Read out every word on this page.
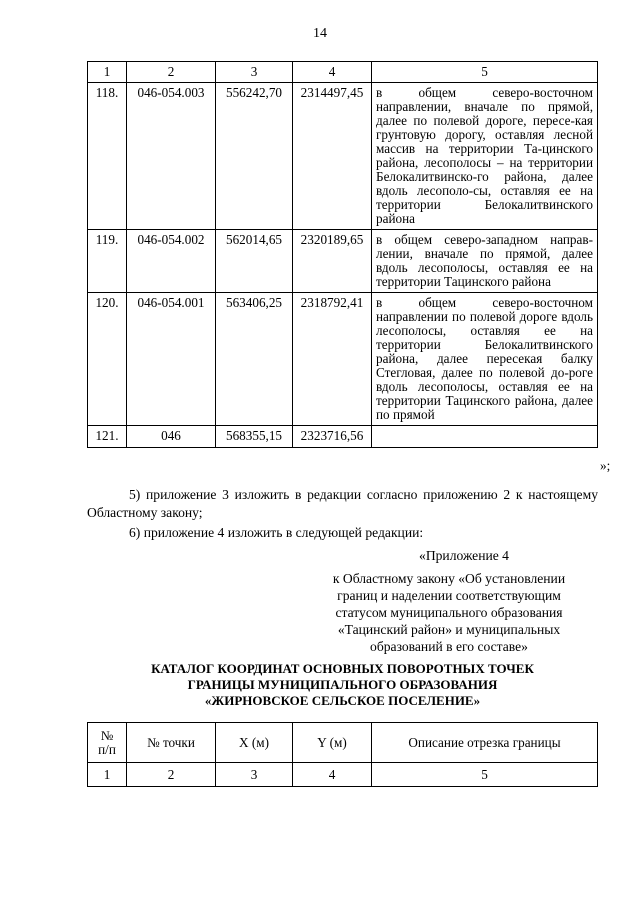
14
1	2	3	4	5
118.	046-054.003	556242,70	2314497,45	в общем северо-восточном направлении, вначале по прямой, далее по полевой дороге, пересе-кая грунтовую дорогу, оставляя лесной массив на территории Та-цинского района, лесополосы – на территории Белокалитвинско-го района, далее вдоль лесополо-сы, оставляя ее на территории Белокалитвинского района
119.	046-054.002	562014,65	2320189,65	в общем северо-западном направ-лении, вначале по прямой, далее вдоль лесополосы, оставляя ее на территории Тацинского района
120.	046-054.001	563406,25	2318792,41	в общем северо-восточном направлении по полевой дороге вдоль лесополосы, оставляя ее на территории Белокалитвинского района, далее пересекая балку Стегловая, далее по полевой до-роге вдоль лесополосы, оставляя ее на территории Тацинского района, далее по прямой
121.	046	568355,15	2323716,56	
»;
5) приложение 3 изложить в редакции согласно приложению 2 к настоящему Областному закону;
6) приложение 4 изложить в следующей редакции:
«Приложение 4
к Областному закону «Об установлении
границ и наделении соответствующим
статусом муниципального образования
«Тацинский район» и муниципальных
образований в его составе»
КАТАЛОГ КООРДИНАТ ОСНОВНЫХ ПОВОРОТНЫХ ТОЧЕК
ГРАНИЦЫ МУНИЦИПАЛЬНОГО ОБРАЗОВАНИЯ
«ЖИРНОВСКОЕ СЕЛЬСКОЕ ПОСЕЛЕНИЕ»
№
п/п	№ точки	X (м)	Y (м)	Описание отрезка границы
1	2	3	4	5
